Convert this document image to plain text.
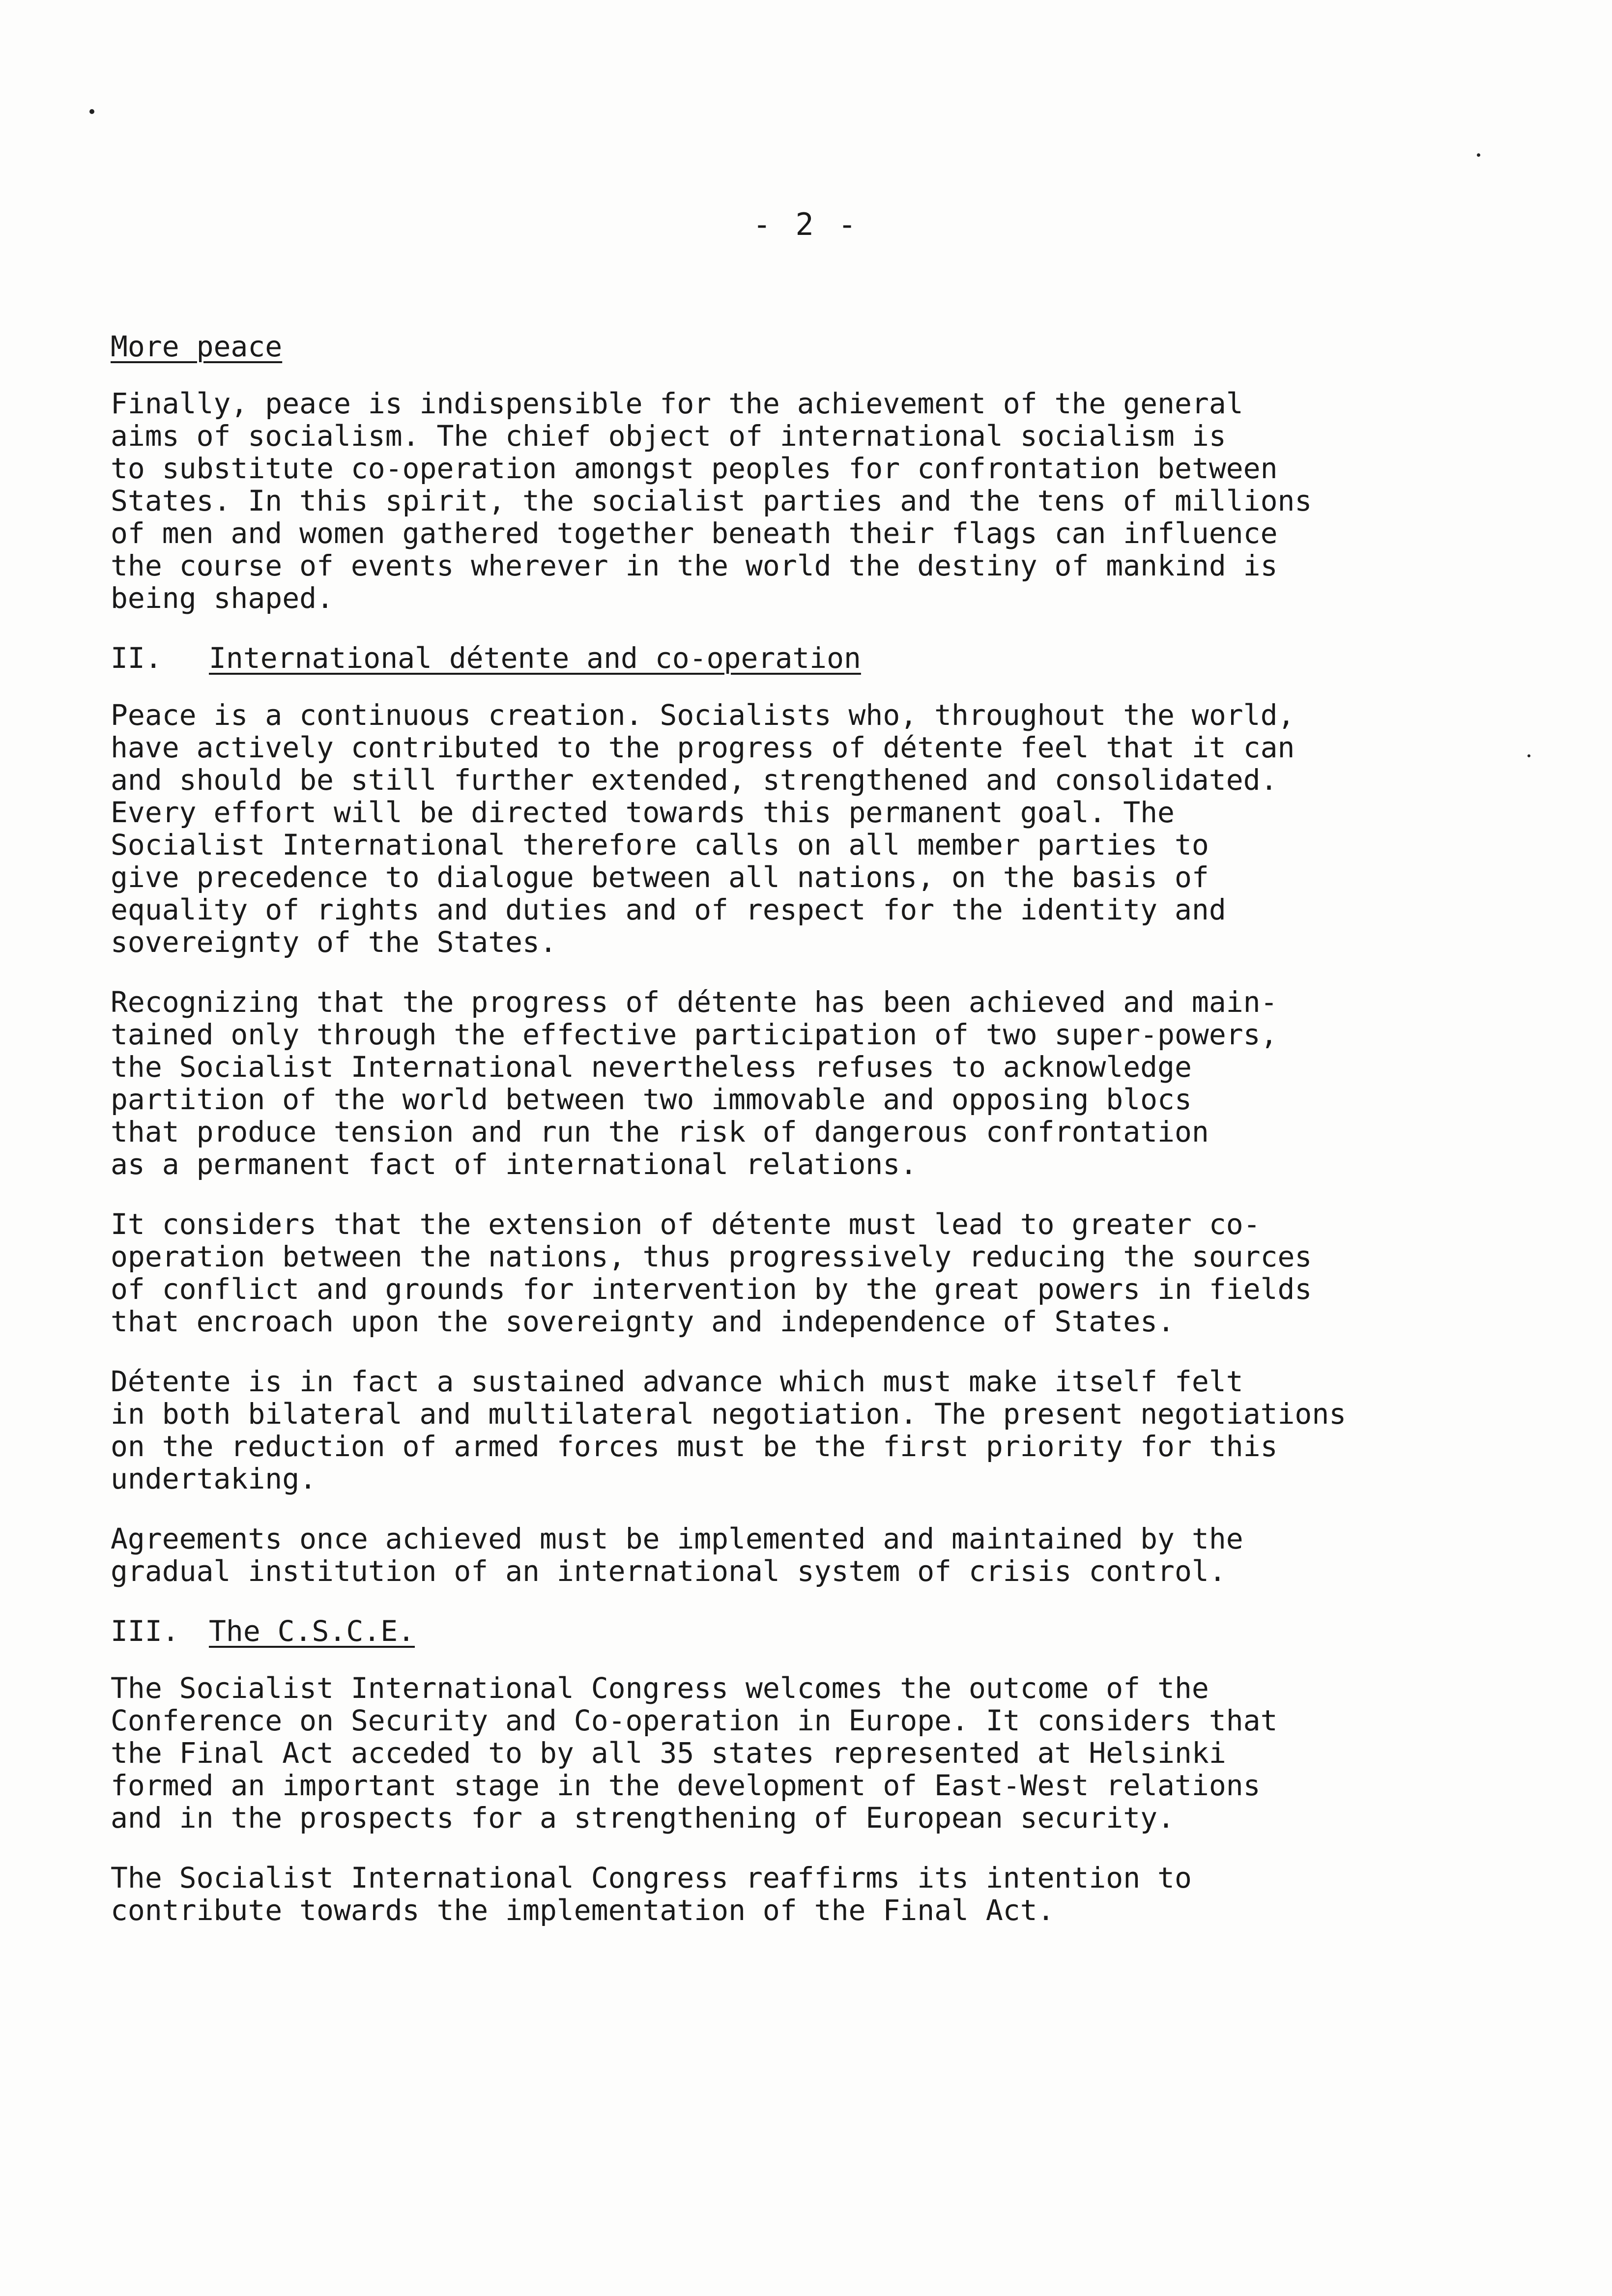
- 2 -
More peace
Finally, peace is indispensible for the achievement of the general
aims of socialism. The chief object of international socialism is
to substitute co-operation amongst peoples for confrontation between
States. In this spirit, the socialist parties and the tens of millions
of men and women gathered together beneath their flags can influence
the course of events wherever in the world the destiny of mankind is
being shaped.
II. International détente and co-operation
Peace is a continuous creation. Socialists who, throughout the world,
have actively contributed to the progress of détente feel that it can
and should be still further extended, strengthened and consolidated.
Every effort will be directed towards this permanent goal. The
Socialist International therefore calls on all member parties to
give precedence to dialogue between all nations, on the basis of
equality of rights and duties and of respect for the identity and
sovereignty of the States.
Recognizing that the progress of détente has been achieved and main-
tained only through the effective participation of two super-powers,
the Socialist International nevertheless refuses to acknowledge
partition of the world between two immovable and opposing blocs
that produce tension and run the risk of dangerous confrontation
as a permanent fact of international relations.
It considers that the extension of détente must lead to greater co-
operation between the nations, thus progressively reducing the sources
of conflict and grounds for intervention by the great powers in fields
that encroach upon the sovereignty and independence of States.
Détente is in fact a sustained advance which must make itself felt
in both bilateral and multilateral negotiation. The present negotiations
on the reduction of armed forces must be the first priority for this
undertaking.
Agreements once achieved must be implemented and maintained by the
gradual institution of an international system of crisis control.
III. The C.S.C.E.
The Socialist International Congress welcomes the outcome of the
Conference on Security and Co-operation in Europe. It considers that
the Final Act acceded to by all 35 states represented at Helsinki
formed an important stage in the development of East-West relations
and in the prospects for a strengthening of European security.
The Socialist International Congress reaffirms its intention to
contribute towards the implementation of the Final Act.
